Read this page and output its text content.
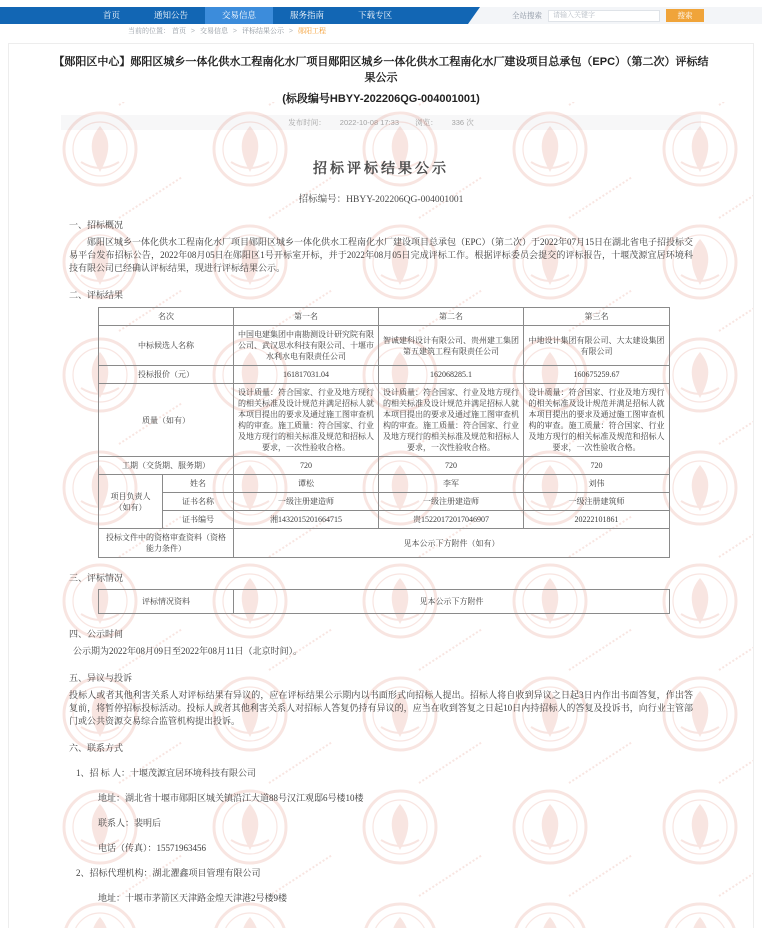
首页	通知公告	交易信息	服务指南	下载专区	全站搜索
请输入关键字	搜索
当前的位置： 首页 > 交易信息 > 评标结果公示 > 郧阳工程
【郧阳区中心】郧阳区城乡一体化供水工程南化水厂项目郧阳区城乡一体化供水工程南化水厂建设项目总承包（EPC）（第二次）评标结果公示
(标段编号HBYY-202206QG-004001001)
发布时间： 2022-10-08 17:33 浏览： 336 次
招标评标结果公示
招标编号：HBYY-202206QG-004001001
一、招标概况
郧阳区城乡一体化供水工程南化水厂项目郧阳区城乡一体化供水工程南化水厂建设项目总承包（EPC）（第二次）于2022年07月15日在湖北省电子招投标交易平台发布招标公告，2022年08月05日在郧阳区1号开标室开标，并于2022年08月05日完成评标工作。根据评标委员会提交的评标报告，十堰茂源宜居环境科技有限公司已经确认评标结果，现进行评标结果公示。
二、评标结果
名次		第一名	第二名	第三名
中标候选人名称		中国电建集团中南勘测设计研究院有限公司、武汉思水科技有限公司、十堰市水利水电有限责任公司	智诚建科设计有限公司、贵州建工集团第五建筑工程有限责任公司	中地设计集团有限公司、大太建设集团有限公司
投标报价（元）		161817031.04	162068285.1	160675259.67
质量（如有）		设计质量：符合国家、行业及地方现行的相关标准及设计规范并满足招标人就本项目提出的要求及通过施工图审查机构的审查。施工质量：符合国家、行业及地方现行的相关标准及规范和招标人要求，一次性验收合格。	设计质量：符合国家、行业及地方现行的相关标准及设计规范并满足招标人就本项目提出的要求及通过施工图审查机构的审查。施工质量：符合国家、行业及地方现行的相关标准及规范和招标人要求，一次性验收合格。	设计质量：符合国家、行业及地方现行的相关标准及设计规范并满足招标人就本项目提出的要求及通过施工图审查机构的审查。施工质量：符合国家、行业及地方现行的相关标准及规范和招标人要求，一次性验收合格。
工期（交货期、服务期）		720	720	720
项目负责人（如有）	姓名	谭松	李军	刘伟
	证书名称	一级注册建造师	一级注册建造师	一级注册建筑师
	证书编号	湘1432015201664715	贵15220172017046907	20222101861
投标文件中的资格审查资料（资格能力条件）		见本公示下方附件（如有）		
三、评标情况
评标情况资料	见本公示下方附件
四、公示时间
公示期为2022年08月09日至2022年08月11日（北京时间）。
五、异议与投诉
投标人或者其他利害关系人对评标结果有异议的，应在评标结果公示期内以书面形式向招标人提出。招标人将自收到异议之日起3日内作出书面答复，作出答复前，将暂停招标投标活动。投标人或者其他利害关系人对招标人答复仍持有异议的，应当在收到答复之日起10日内持招标人的答复及投诉书，向行业主管部门或公共资源交易综合监管机构提出投诉。
六、联系方式
1、招 标 人：十堰茂源宜居环境科技有限公司
地址：湖北省十堰市郧阳区城关镇沿江大道88号汉江观邸6号楼10楼
联系人：裴明后
电话（传真）：15571963456
2、招标代理机构：湖北灈鑫项目管理有限公司
地址：十堰市茅箭区天津路金煌天津港2号楼9楼
